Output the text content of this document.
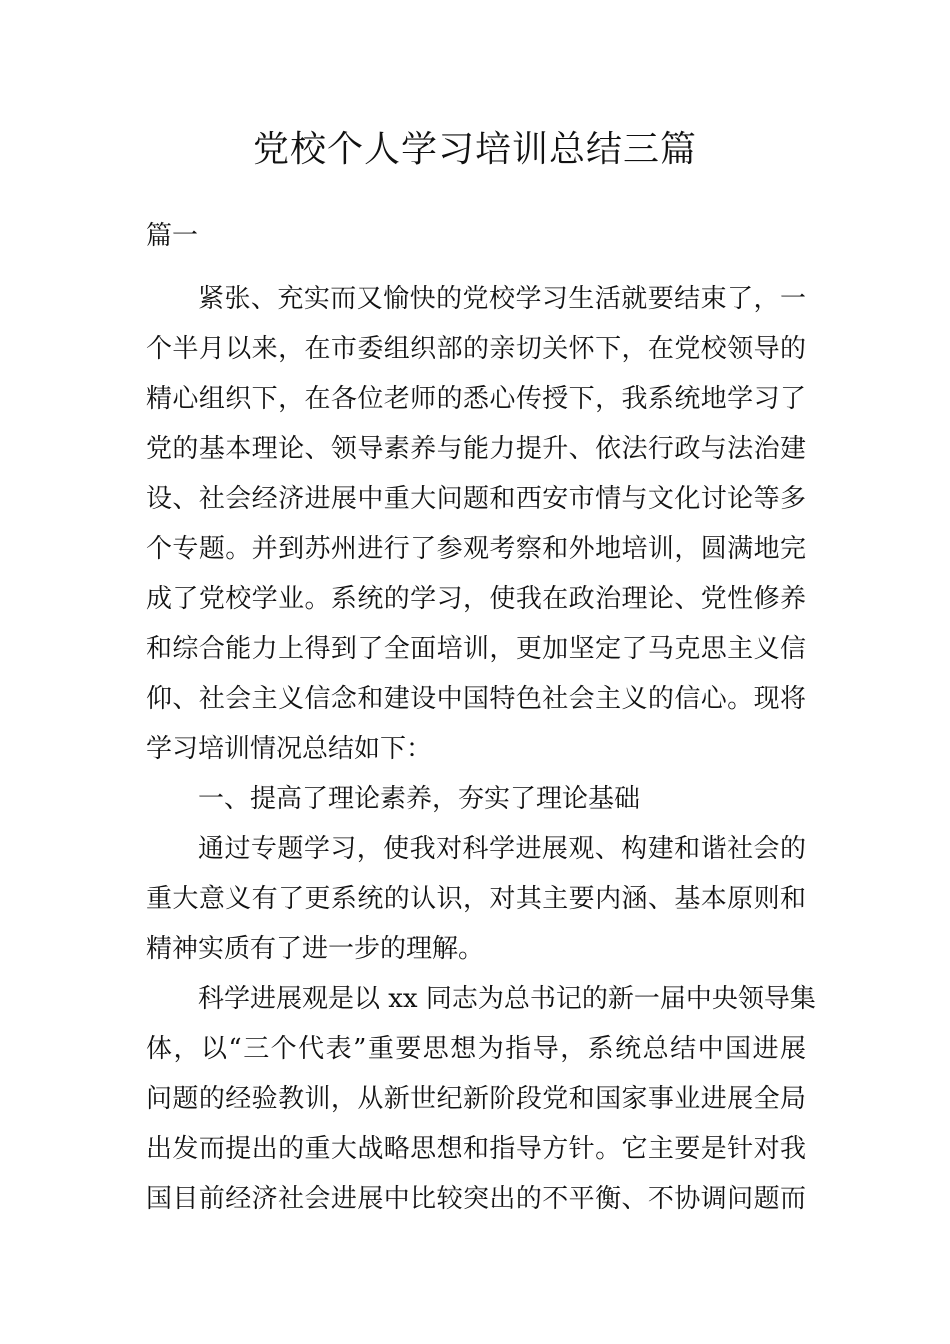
党校个人学习培训总结三篇
篇一
紧张、充实而又愉快的党校学习生活就要结束了，一
个半月以来，在市委组织部的亲切关怀下，在党校领导的
精心组织下，在各位老师的悉心传授下，我系统地学习了
党的基本理论、领导素养与能力提升、依法行政与法治建
设、社会经济进展中重大问题和西安市情与文化讨论等多
个专题。并到苏州进行了参观考察和外地培训，圆满地完
成了党校学业。系统的学习，使我在政治理论、党性修养
和综合能力上得到了全面培训，更加坚定了马克思主义信
仰、社会主义信念和建设中国特色社会主义的信心。现将
学习培训情况总结如下：
一、提高了理论素养，夯实了理论基础
通过专题学习，使我对科学进展观、构建和谐社会的
重大意义有了更系统的认识，对其主要内涵、基本原则和
精神实质有了进一步的理解。
科学进展观是以 xx 同志为总书记的新一届中央领导集
体，以“三个代表”重要思想为指导，系统总结中国进展
问题的经验教训，从新世纪新阶段党和国家事业进展全局
出发而提出的重大战略思想和指导方针。它主要是针对我
国目前经济社会进展中比较突出的不平衡、不协调问题而
